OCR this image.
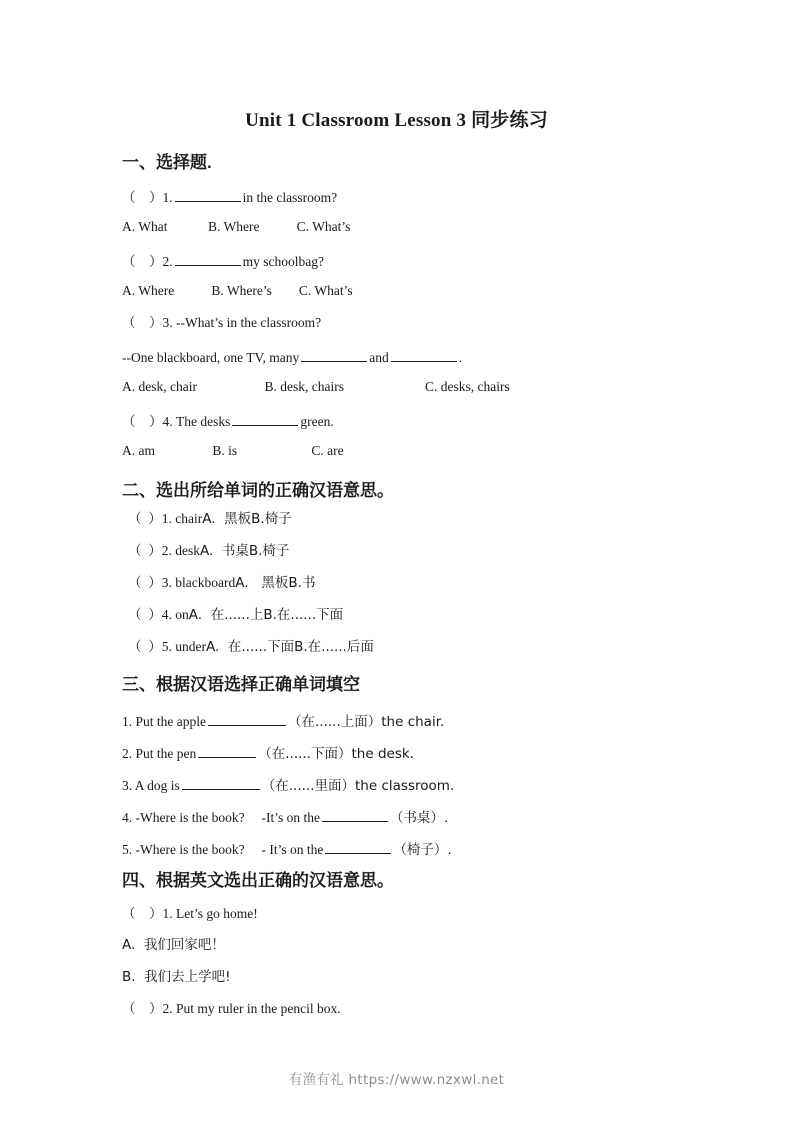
Unit 1 Classroom Lesson 3 同步练习
一、选择题.
（    ）1.	in the classroom?
A. What            B. Where           C. What’s
（    ）2.	my schoolbag?
A. Where           B. Where’s        C. What’s
（    ）3. --What’s in the classroom?
--One blackboard, one TV, many	and	.
A. desk, chair                    B. desk, chairs                        C. desks, chairs
（    ）4. The desks	green.
A. am                 B. is                      C. are
二、选出所给单词的正确汉语意思。
（  ）1. chairA.  黑板B.椅子
（  ）2. deskA.  书桌B.椅子
（  ）3. blackboardA.   黑板B.书
（  ）4. onA.  在......上B.在......下面
（  ）5. underA.  在......下面B.在......后面
三、根据汉语选择正确单词填空
1. Put the apple	（在......上面）the chair.
2. Put the pen	（在......下面）the desk.
3. A dog is	（在......里面）the classroom.
4. -Where is the book?     -It’s on the	（书桌）.
5. -Where is the book?     - It’s on the	（椅子）.
四、根据英文选出正确的汉语意思。
（    ）1. Let’s go home!
A.  我们回家吧！
B.  我们去上学吧!
（    ）2. Put my ruler in the pencil box.
有渔有礼 https://www.nzxwl.net
